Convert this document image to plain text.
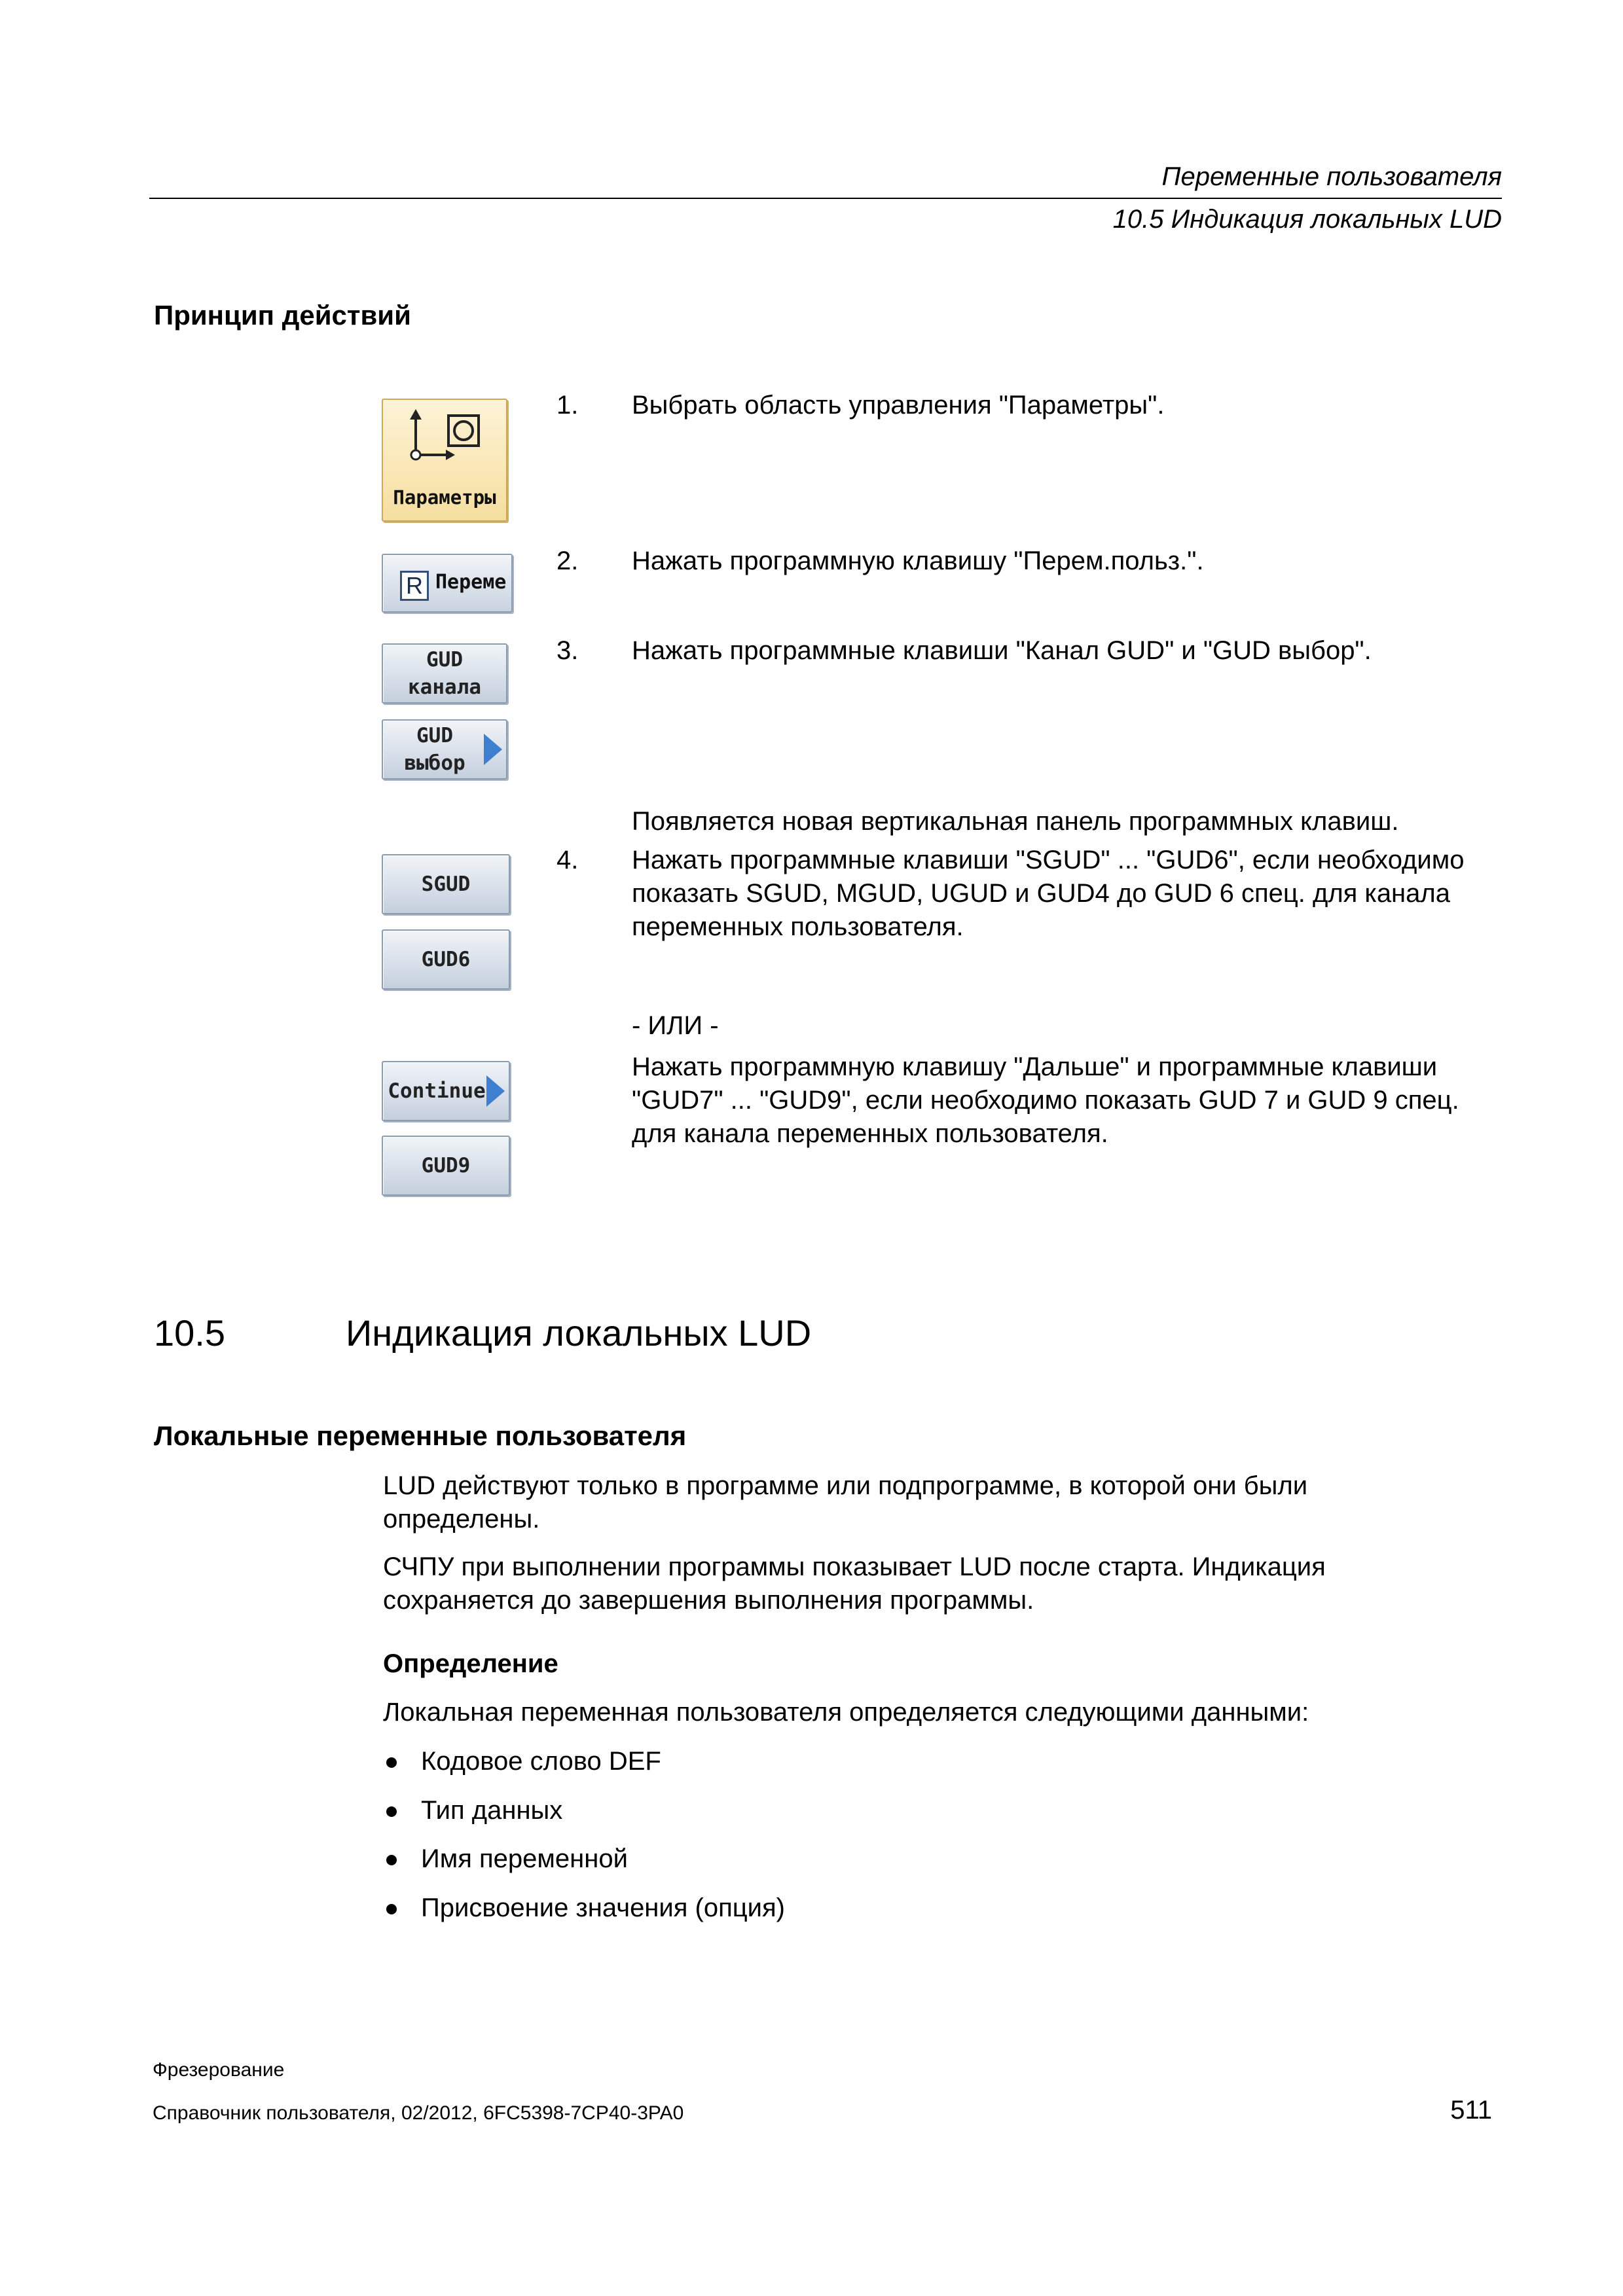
Переменные пользователя
10.5 Индикация локальных LUD
Принцип действий
Параметры
R Переме
GUD
канала
GUD
выбор
SGUD
GUD6
Continue
GUD9
1. Выбрать область управления "Параметры".
2. Нажать программную клавишу "Перем.польз.".
3. Нажать программные клавиши "Канал GUD" и "GUD выбор".
Появляется новая вертикальная панель программных клавиш.
4. Нажать программные клавиши "SGUD" ... "GUD6", если необходимо показать SGUD, MGUD, UGUD и GUD4 до GUD 6 спец. для канала переменных пользователя.
- ИЛИ -
Нажать программную клавишу "Дальше" и программные клавиши "GUD7" ... "GUD9", если необходимо показать GUD 7 и GUD 9 спец. для канала переменных пользователя.
10.5	Индикация локальных LUD
Локальные переменные пользователя
LUD действуют только в программе или подпрограмме, в которой они были определены.
СЧПУ при выполнении программы показывает LUD после старта. Индикация сохраняется до завершения выполнения программы.
Определение
Локальная переменная пользователя определяется следующими данными:
Кодовое слово DEF
Тип данных
Имя переменной
Присвоение значения (опция)
Фрезерование
Справочник пользователя, 02/2012, 6FC5398-7CP40-3PA0	511
